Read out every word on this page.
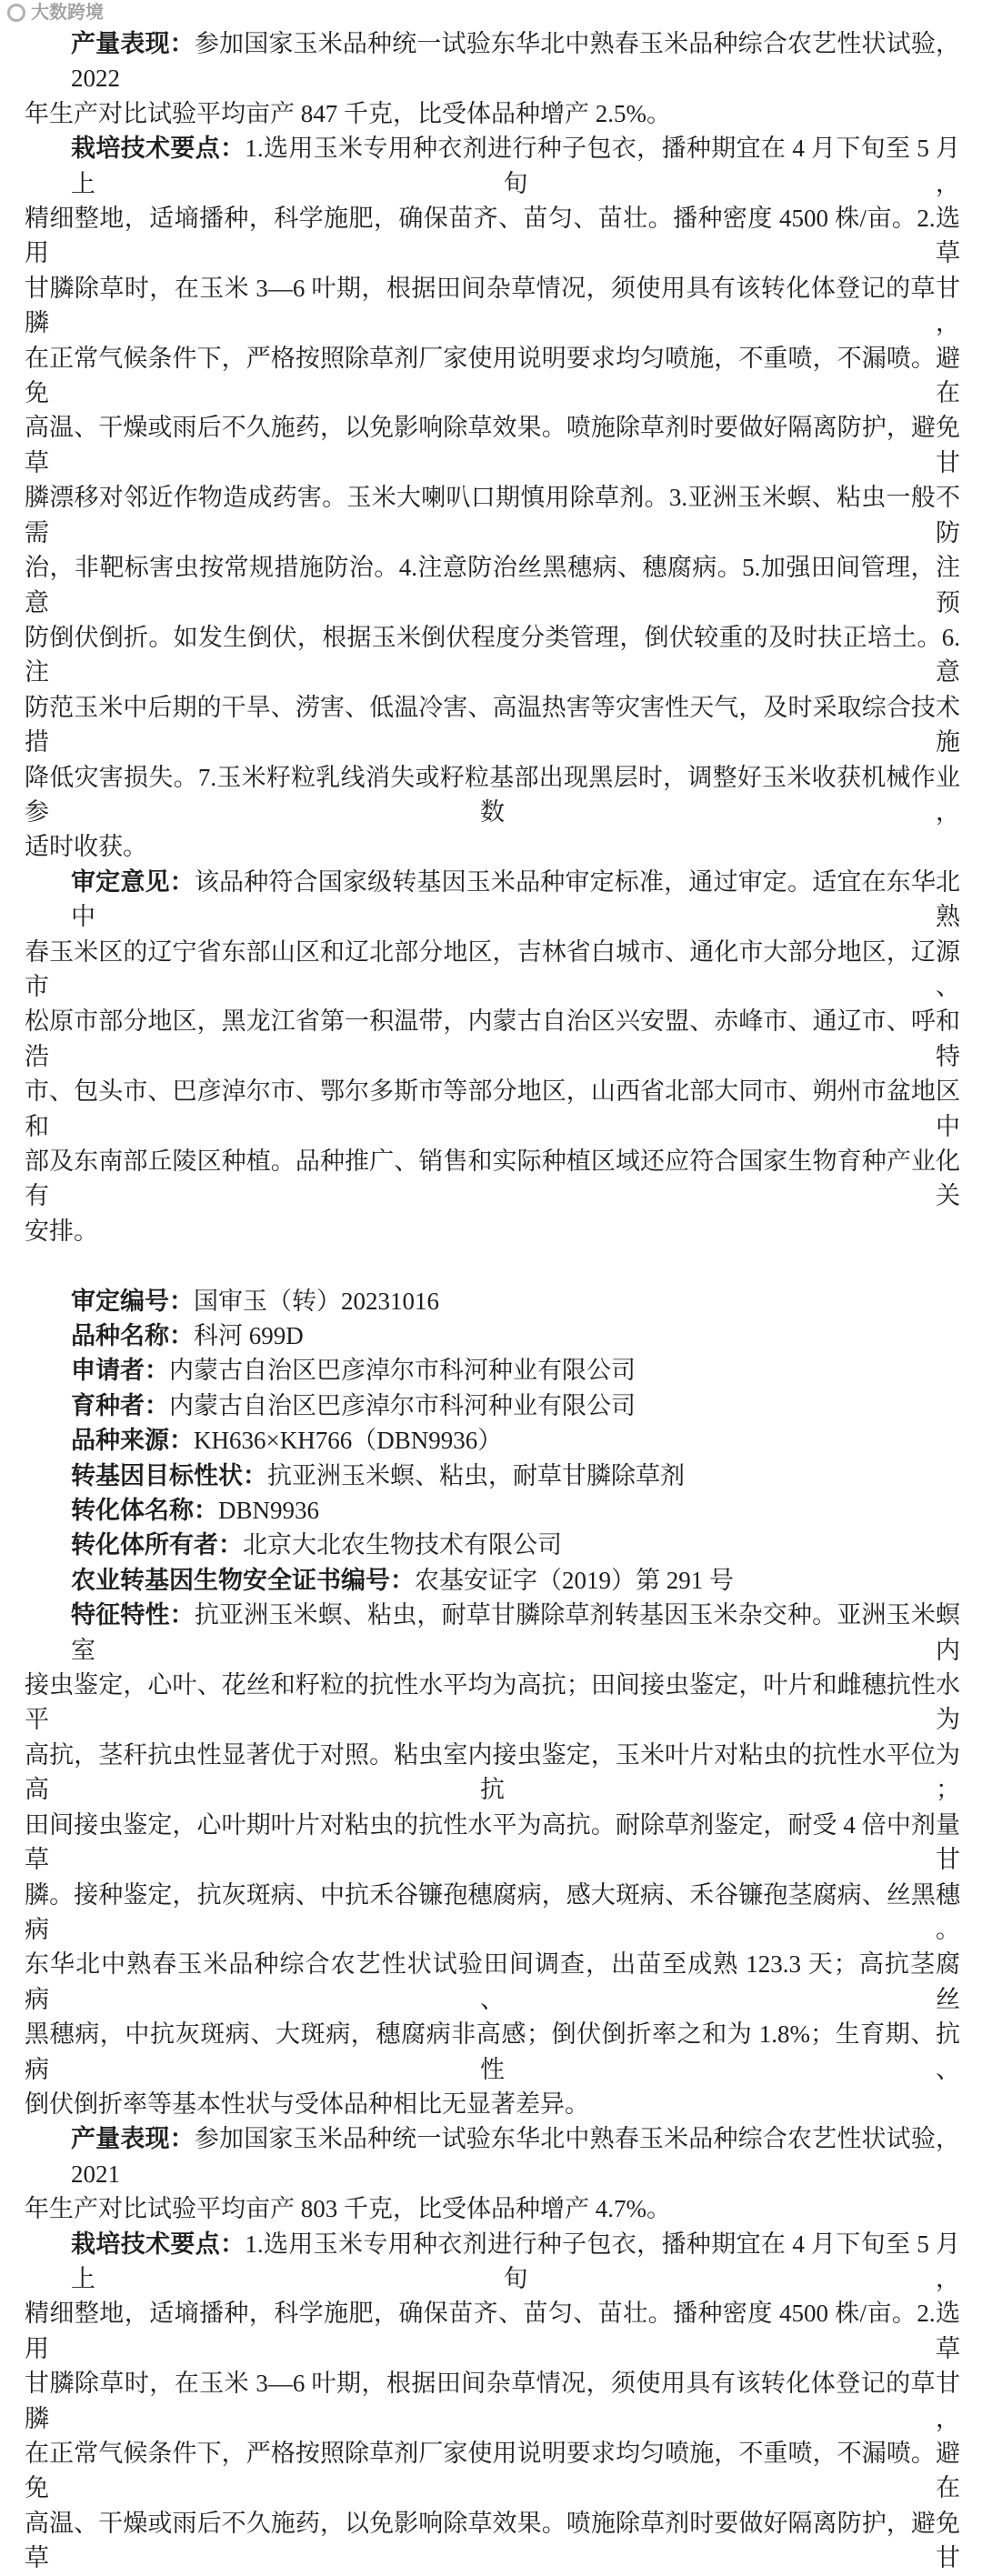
产量表现：参加国家玉米品种统一试验东华北中熟春玉米品种综合农艺性状试验，2022
年生产对比试验平均亩产 847 千克，比受体品种增产 2.5%。
栽培技术要点：1.选用玉米专用种衣剂进行种子包衣，播种期宜在 4 月下旬至 5 月上旬，
精细整地，适墒播种，科学施肥，确保苗齐、苗匀、苗壮。播种密度 4500 株/亩。2.选用草
甘膦除草时，在玉米 3—6 叶期，根据田间杂草情况，须使用具有该转化体登记的草甘膦，
在正常气候条件下，严格按照除草剂厂家使用说明要求均匀喷施，不重喷，不漏喷。避免在
高温、干燥或雨后不久施药，以免影响除草效果。喷施除草剂时要做好隔离防护，避免草甘
膦漂移对邻近作物造成药害。玉米大喇叭口期慎用除草剂。3.亚洲玉米螟、粘虫一般不需防
治，非靶标害虫按常规措施防治。4.注意防治丝黑穗病、穗腐病。5.加强田间管理，注意预
防倒伏倒折。如发生倒伏，根据玉米倒伏程度分类管理，倒伏较重的及时扶正培土。6.注意
防范玉米中后期的干旱、涝害、低温冷害、高温热害等灾害性天气，及时采取综合技术措施
降低灾害损失。7.玉米籽粒乳线消失或籽粒基部出现黑层时，调整好玉米收获机械作业参数，
适时收获。
审定意见：该品种符合国家级转基因玉米品种审定标准，通过审定。适宜在东华北中熟
春玉米区的辽宁省东部山区和辽北部分地区，吉林省白城市、通化市大部分地区，辽源市、
松原市部分地区，黑龙江省第一积温带，内蒙古自治区兴安盟、赤峰市、通辽市、呼和浩特
市、包头市、巴彦淖尔市、鄂尔多斯市等部分地区，山西省北部大同市、朔州市盆地区和中
部及东南部丘陵区种植。品种推广、销售和实际种植区域还应符合国家生物育种产业化有关
安排。
审定编号：国审玉（转）20231016
品种名称：科河 699D
申请者：内蒙古自治区巴彦淖尔市科河种业有限公司
育种者：内蒙古自治区巴彦淖尔市科河种业有限公司
品种来源：KH636×KH766（DBN9936）
转基因目标性状：抗亚洲玉米螟、粘虫，耐草甘膦除草剂
转化体名称：DBN9936
转化体所有者：北京大北农生物技术有限公司
农业转基因生物安全证书编号：农基安证字（2019）第 291 号
特征特性：抗亚洲玉米螟、粘虫，耐草甘膦除草剂转基因玉米杂交种。亚洲玉米螟室内
接虫鉴定，心叶、花丝和籽粒的抗性水平均为高抗；田间接虫鉴定，叶片和雌穗抗性水平为
高抗，茎秆抗虫性显著优于对照。粘虫室内接虫鉴定，玉米叶片对粘虫的抗性水平位为高抗；
田间接虫鉴定，心叶期叶片对粘虫的抗性水平为高抗。耐除草剂鉴定，耐受 4 倍中剂量草甘
膦。接种鉴定，抗灰斑病、中抗禾谷镰孢穗腐病，感大斑病、禾谷镰孢茎腐病、丝黑穗病。
东华北中熟春玉米品种综合农艺性状试验田间调查，出苗至成熟 123.3 天；高抗茎腐病、丝
黑穗病，中抗灰斑病、大斑病，穗腐病非高感；倒伏倒折率之和为 1.8%；生育期、抗病性、
倒伏倒折率等基本性状与受体品种相比无显著差异。
产量表现：参加国家玉米品种统一试验东华北中熟春玉米品种综合农艺性状试验，2021
年生产对比试验平均亩产 803 千克，比受体品种增产 4.7%。
栽培技术要点：1.选用玉米专用种衣剂进行种子包衣，播种期宜在 4 月下旬至 5 月上旬，
精细整地，适墒播种，科学施肥，确保苗齐、苗匀、苗壮。播种密度 4500 株/亩。2.选用草
甘膦除草时，在玉米 3—6 叶期，根据田间杂草情况，须使用具有该转化体登记的草甘膦，
在正常气候条件下，严格按照除草剂厂家使用说明要求均匀喷施，不重喷，不漏喷。避免在
高温、干燥或雨后不久施药，以免影响除草效果。喷施除草剂时要做好隔离防护，避免草甘
大数跨境
